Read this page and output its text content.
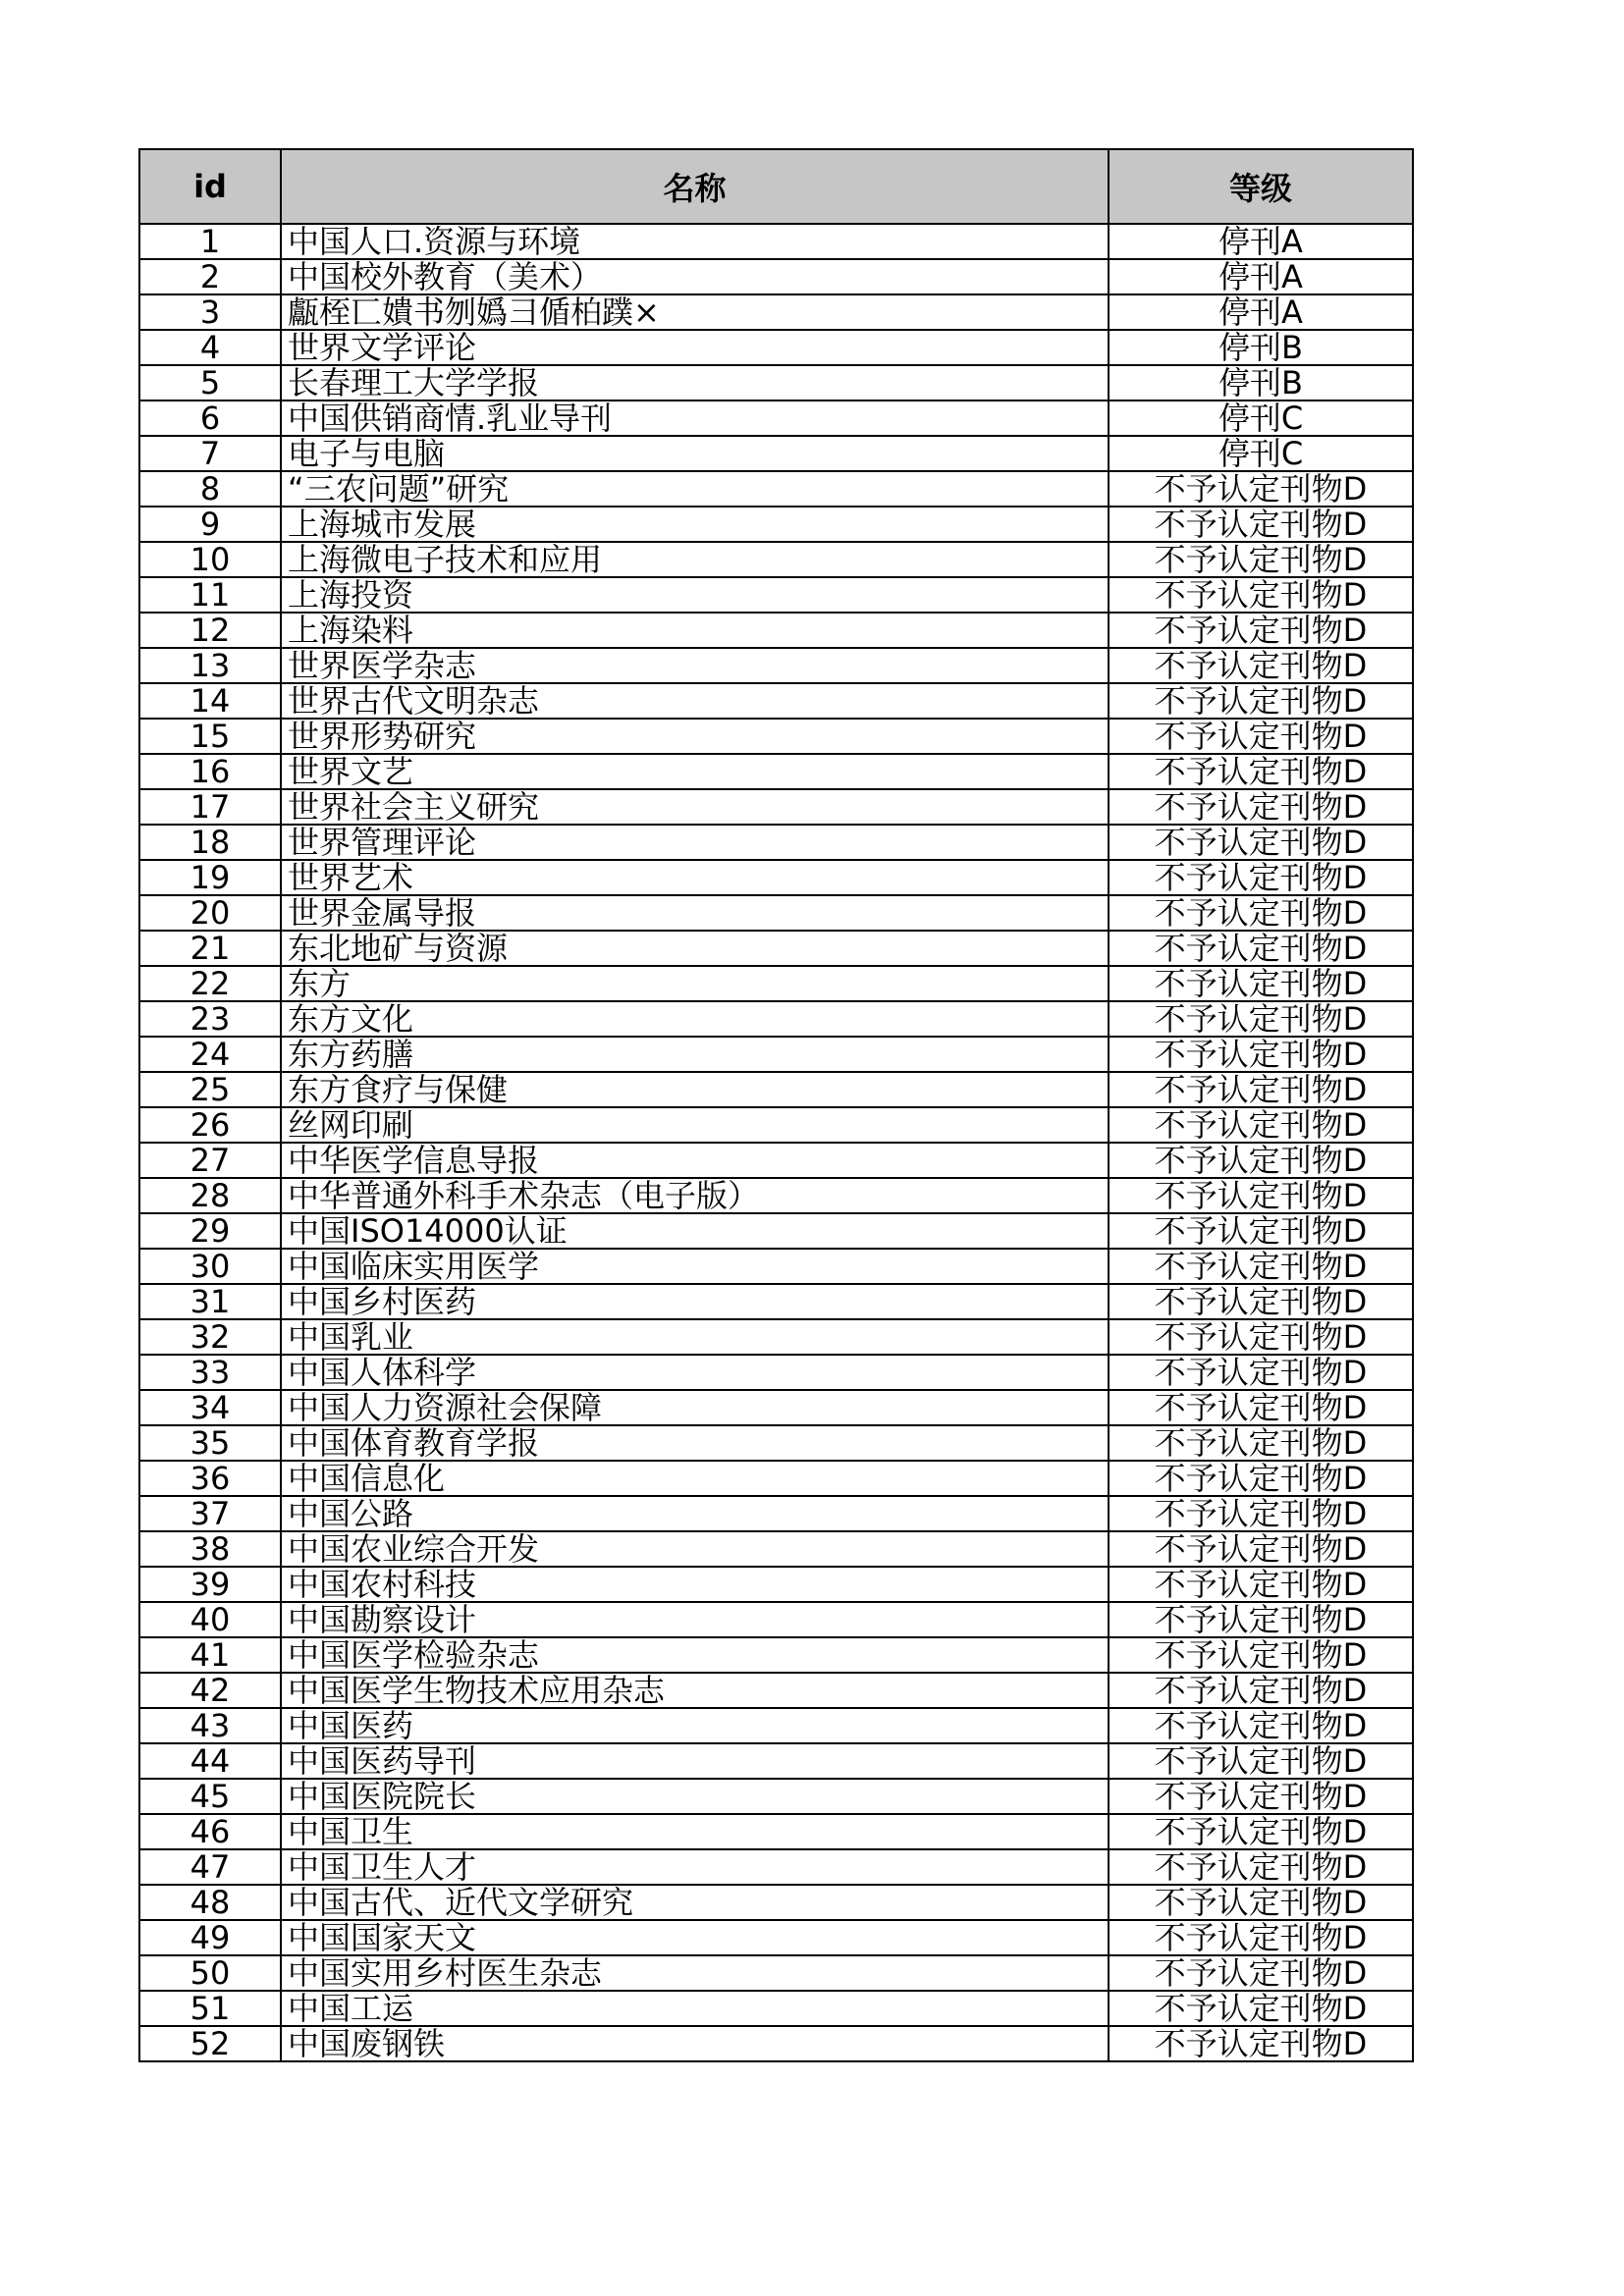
id	名称	等级
1	中国人口.资源与环境	停刊A
2	中国校外教育（美术）	停刊A
3	甗桎匸嬇书刎嬀彐偱柏蹼×	停刊A
4	世界文学评论	停刊B
5	长春理工大学学报	停刊B
6	中国供销商情.乳业导刊	停刊C
7	电子与电脑	停刊C
8	“三农问题”研究	不予认定刊物D
9	上海城市发展	不予认定刊物D
10	上海微电子技术和应用	不予认定刊物D
11	上海投资	不予认定刊物D
12	上海染料	不予认定刊物D
13	世界医学杂志	不予认定刊物D
14	世界古代文明杂志	不予认定刊物D
15	世界形势研究	不予认定刊物D
16	世界文艺	不予认定刊物D
17	世界社会主义研究	不予认定刊物D
18	世界管理评论	不予认定刊物D
19	世界艺术	不予认定刊物D
20	世界金属导报	不予认定刊物D
21	东北地矿与资源	不予认定刊物D
22	东方	不予认定刊物D
23	东方文化	不予认定刊物D
24	东方药膳	不予认定刊物D
25	东方食疗与保健	不予认定刊物D
26	丝网印刷	不予认定刊物D
27	中华医学信息导报	不予认定刊物D
28	中华普通外科手术杂志（电子版）	不予认定刊物D
29	中国ISO14000认证	不予认定刊物D
30	中国临床实用医学	不予认定刊物D
31	中国乡村医药	不予认定刊物D
32	中国乳业	不予认定刊物D
33	中国人体科学	不予认定刊物D
34	中国人力资源社会保障	不予认定刊物D
35	中国体育教育学报	不予认定刊物D
36	中国信息化	不予认定刊物D
37	中国公路	不予认定刊物D
38	中国农业综合开发	不予认定刊物D
39	中国农村科技	不予认定刊物D
40	中国勘察设计	不予认定刊物D
41	中国医学检验杂志	不予认定刊物D
42	中国医学生物技术应用杂志	不予认定刊物D
43	中国医药	不予认定刊物D
44	中国医药导刊	不予认定刊物D
45	中国医院院长	不予认定刊物D
46	中国卫生	不予认定刊物D
47	中国卫生人才	不予认定刊物D
48	中国古代、近代文学研究	不予认定刊物D
49	中国国家天文	不予认定刊物D
50	中国实用乡村医生杂志	不予认定刊物D
51	中国工运	不予认定刊物D
52	中国废钢铁	不予认定刊物D
